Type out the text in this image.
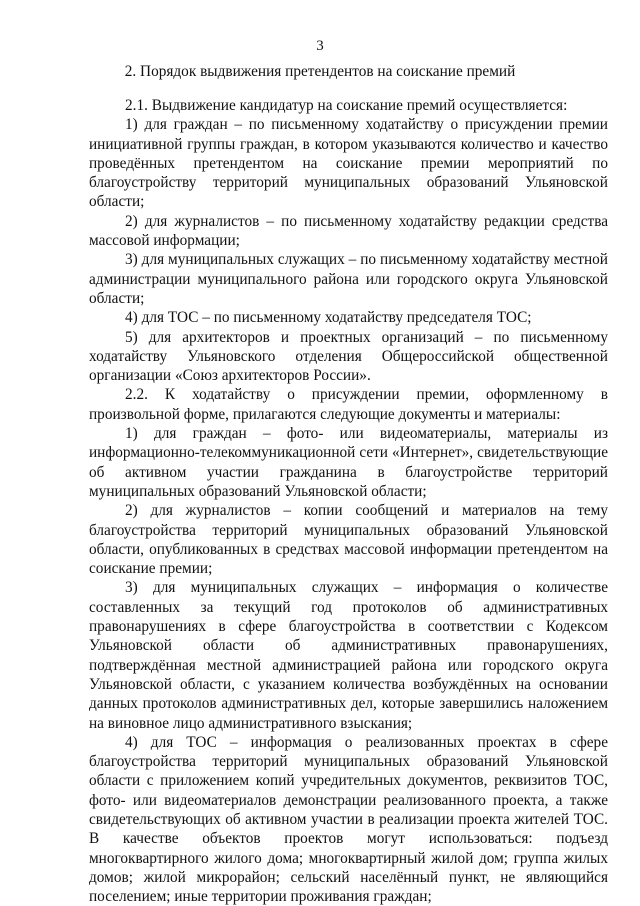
3
2. Порядок выдвижения претендентов на соискание премий

2.1. Выдвижение кандидатур на соискание премий осуществляется:

1) для граждан – по письменному ходатайству о присуждении премии инициативной группы граждан, в котором указываются количество и качество проведённых претендентом на соискание премии мероприятий по благоустройству территорий муниципальных образований Ульяновской области;

2) для журналистов – по письменному ходатайству редакции средства массовой информации;

3) для муниципальных служащих – по письменному ходатайству местной администрации муниципального района или городского округа Ульяновской области;

4) для ТОС – по письменному ходатайству председателя ТОС;

5) для архитекторов и проектных организаций – по письменному ходатайству Ульяновского отделения Общероссийской общественной организации «Союз архитекторов России».

2.2. К ходатайству о присуждении премии, оформленному в произвольной форме, прилагаются следующие документы и материалы:

1) для граждан – фото- или видеоматериалы, материалы из информационно-телекоммуникационной сети «Интернет», свидетельствующие об активном участии гражданина в благоустройстве территорий муниципальных образований Ульяновской области;

2) для журналистов – копии сообщений и материалов на тему благоустройства территорий муниципальных образований Ульяновской области, опубликованных в средствах массовой информации претендентом на соискание премии;

3) для муниципальных служащих – информация о количестве составленных за текущий год протоколов об административных правонарушениях в сфере благоустройства в соответствии с Кодексом Ульяновской области об административных правонарушениях, подтверждённая местной администрацией района или городского округа Ульяновской области, с указанием количества возбуждённых на основании данных протоколов административных дел, которые завершились наложением на виновное лицо административного взыскания;

4) для ТОС – информация о реализованных проектах в сфере благоустройства территорий муниципальных образований Ульяновской области с приложением копий учредительных документов, реквизитов ТОС, фото- или видеоматериалов демонстрации реализованного проекта, а также свидетельствующих об активном участии в реализации проекта жителей ТОС. В качестве объектов проектов могут использоваться: подъезд многоквартирного жилого дома; многоквартирный жилой дом; группа жилых домов; жилой микрорайон; сельский населённый пункт, не являющийся поселением; иные территории проживания граждан;
